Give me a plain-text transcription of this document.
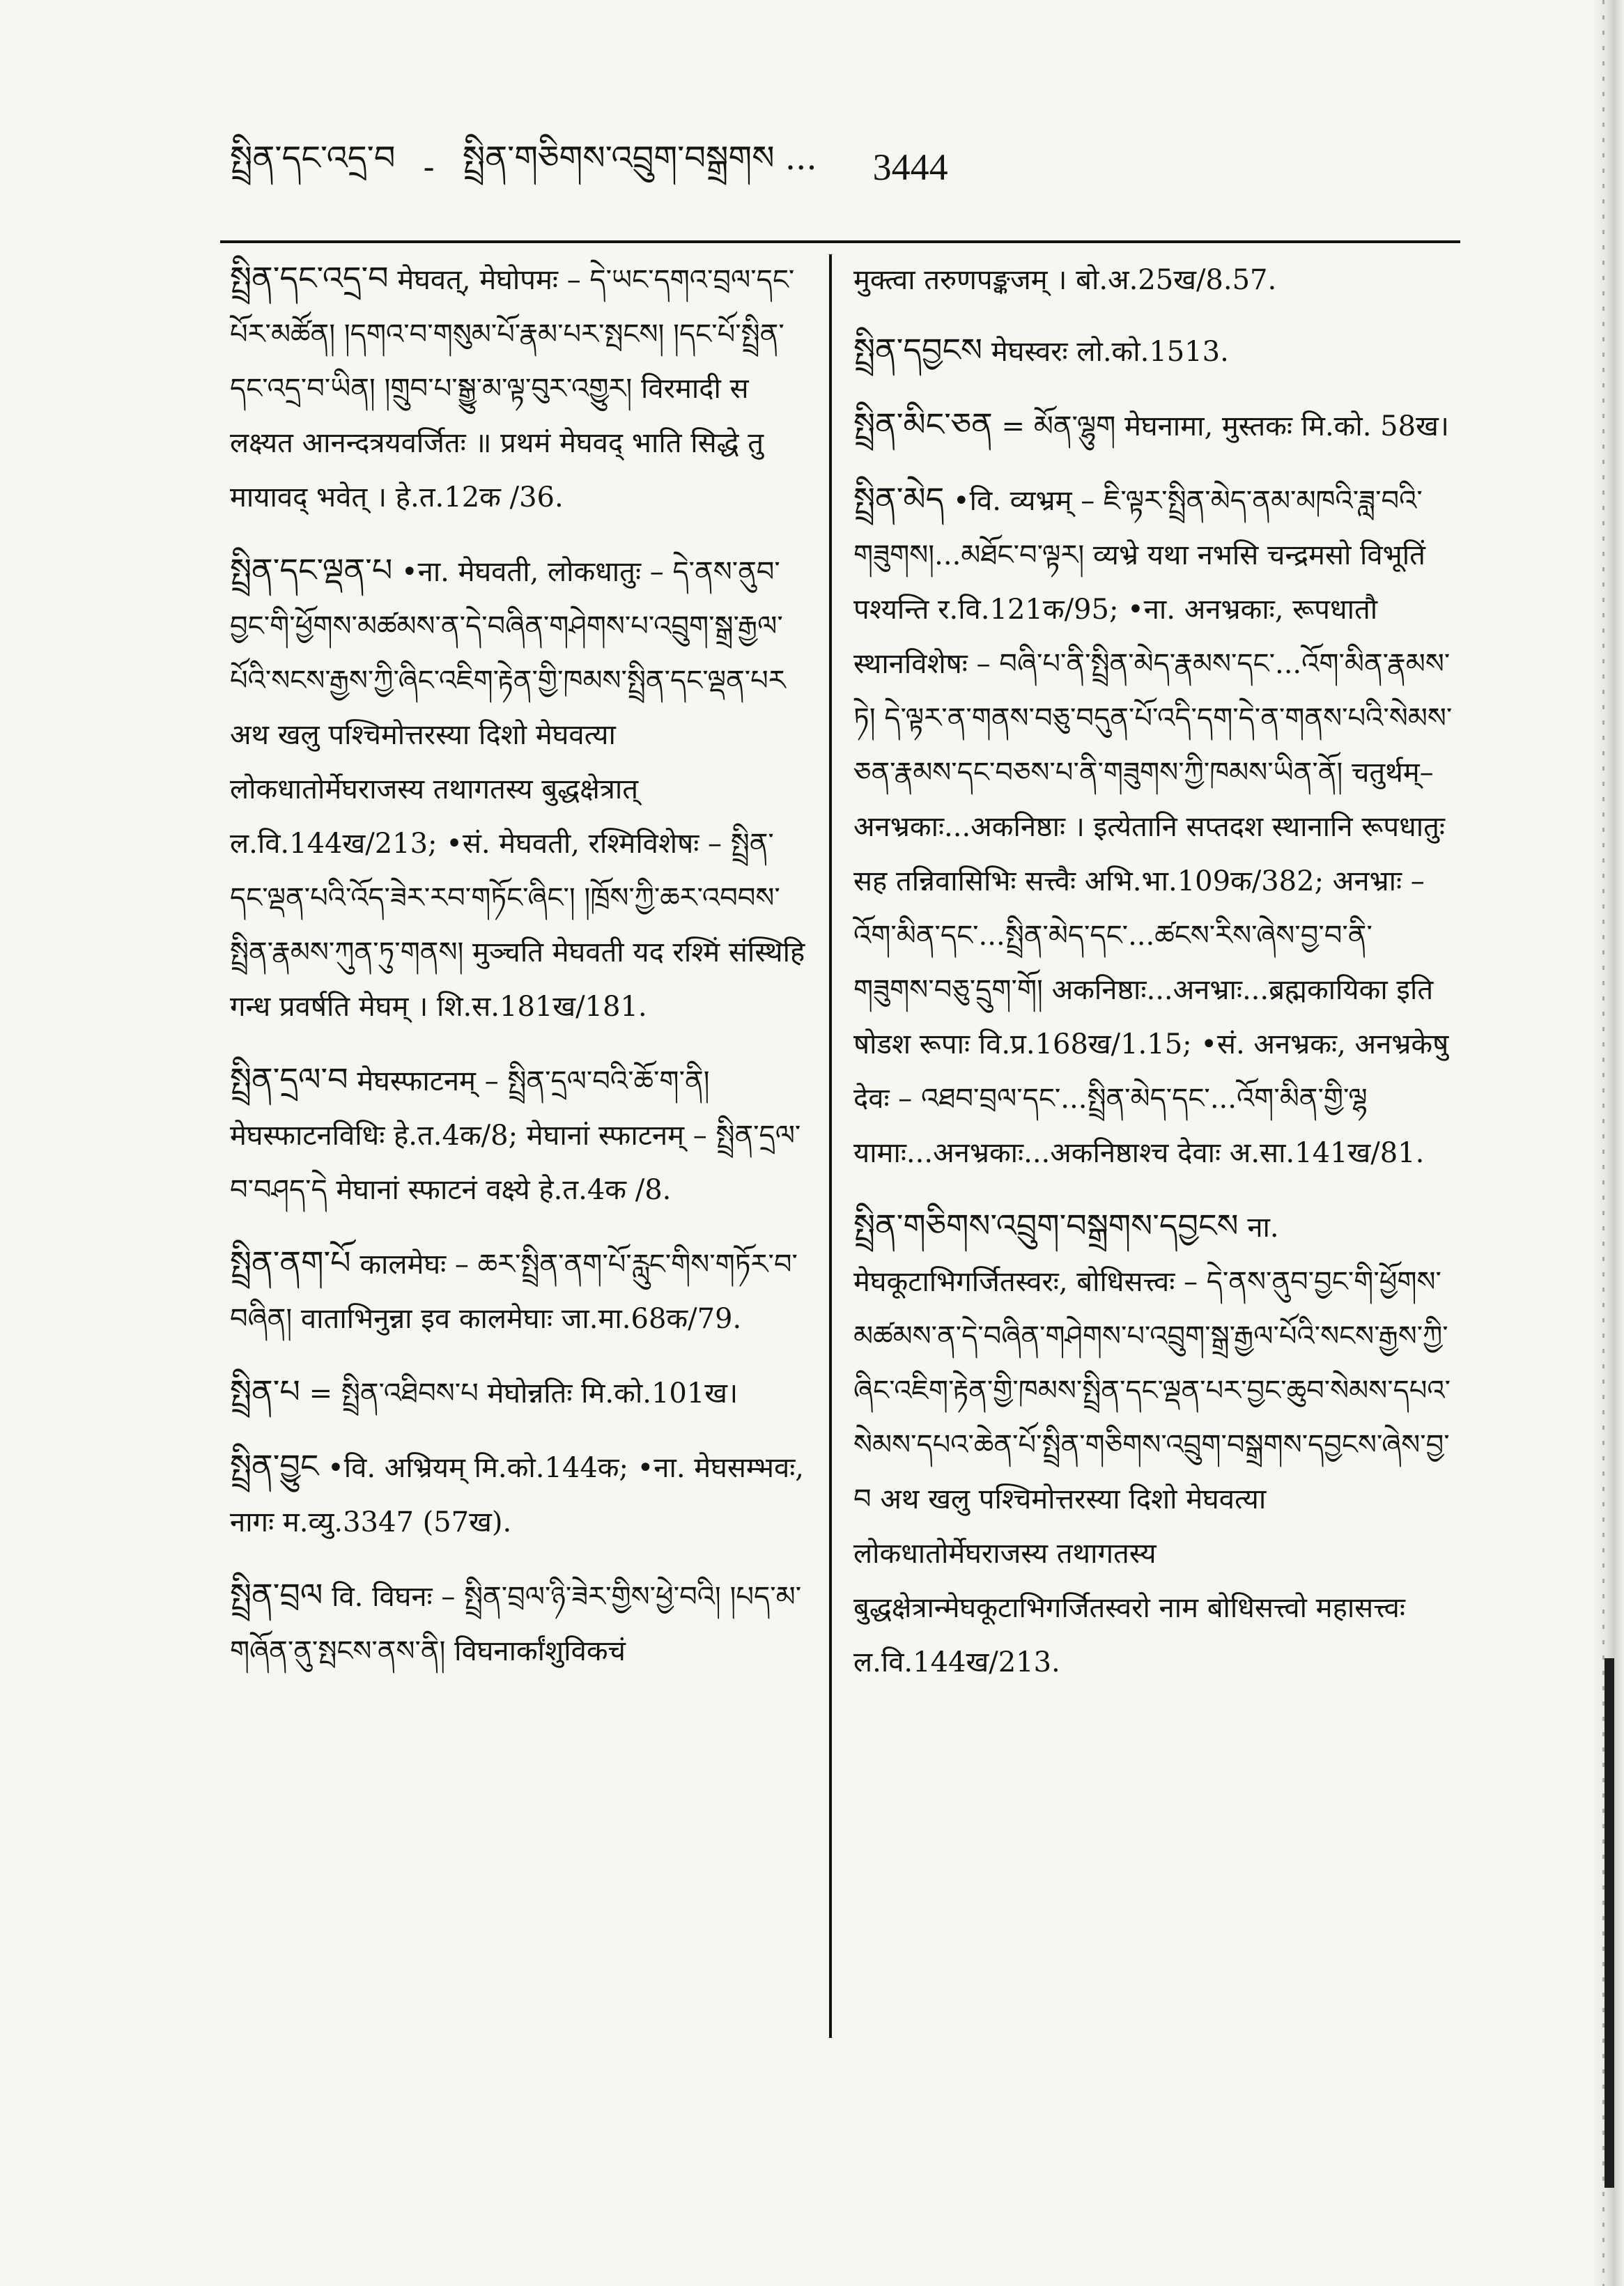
སྤྲིན་དང་འདྲ་བ - སྤྲིན་གཅིགས་འབྲུག་བསྒྲགས ... 3444

སྤྲིན་དང་འདྲ་བ मेघवत्, मेघोपमः – དེ་ཡང་དགའ་བྲལ་དང་པོར་མཚོན། །དགའ་བ་གསུམ་པོ་རྣམ་པར་སྤངས། །དང་པོ་སྤྲིན་དང་འདྲ་བ་ཡིན། །གྲུབ་པ་སྒྱུ་མ་ལྟ་བུར་འགྱུར། विरमादी स लक्ष्यत आनन्दत्रयवर्जितः ॥ प्रथमं मेघवद् भाति सिद्धे तु मायावद् भवेत् । हे.त.12क /36.

སྤྲིན་དང་ལྡན་པ •ना. मेघवती, लोकधातुः – དེ་ནས་ནུབ་བྱང་གི་ཕྱོགས་མཚམས་ན་དེ་བཞིན་གཤེགས་པ་འབྲུག་སྒྲ་རྒྱལ་པོའི་སངས་རྒྱས་ཀྱི་ཞིང་འཇིག་རྟེན་གྱི་ཁམས་སྤྲིན་དང་ལྡན་པར अथ खलु पश्चिमोत्तरस्या दिशो मेघवत्या लोकधातोर्मेघराजस्य तथागतस्य बुद्धक्षेत्रात् ल.वि.144ख/213; •सं. मेघवती, रश्मिविशेषः – སྤྲིན་དང་ལྡན་པའི་འོད་ཟེར་རབ་གཏོང་ཞིང་། །ཁྲོས་ཀྱི་ཆར་འབབས་སྤྲིན་རྣམས་ཀུན་ཏུ་གནས། मुञ्चति मेघवती यद रश्मिं संस्थिहि गन्ध प्रवर्षति मेघम् । शि.स.181ख/181.

སྤྲིན་དྲལ་བ मेघस्फाटनम् – སྤྲིན་དྲལ་བའི་ཆོ་ག་ནི། मेघस्फाटनविधिः हे.त.4क/8; मेघानां स्फाटनम् – སྤྲིན་དྲལ་བ་བཤད་དེ मेघानां स्फाटनं वक्ष्ये हे.त.4क /8.

སྤྲིན་ནག་པོ कालमेघः – ཆར་སྤྲིན་ནག་པོ་རླུང་གིས་གཏོར་བ་བཞིན། वाताभिनुन्ना इव कालमेघाः जा.मा.68क/79.

སྤྲིན་པ = སྤྲིན་འཐིབས་པ मेघोन्नतिः मि.को.101ख।

སྤྲིན་བྱུང •वि. अभ्रियम् मि.को.144क; •ना. मेघसम्भवः, नागः म.व्यु.3347 (57ख).

སྤྲིན་བྲལ वि. विघनः – སྤྲིན་བྲལ་ཉི་ཟེར་གྱིས་ཕྱེ་བའི། །པད་མ་གཞོན་ནུ་སྤངས་ནས་ནི། विघनार्कांशुविकचं

मुक्त्वा तरुणपङ्कजम् । बो.अ.25ख/8.57.

སྤྲིན་དབྱངས मेघस्वरः लो.को.1513.

སྤྲིན་མིང་ཅན = མོན་ལྷུག मेघनामा, मुस्तकः मि.को. 58ख।

སྤྲིན་མེད •वि. व्यभ्रम् – ཇི་ལྟར་སྤྲིན་མེད་ནམ་མཁའི་ཟླ་བའི་གཟུགས།...མཐོང་བ་ལྟར། व्यभ्रे यथा नभसि चन्द्रमसो विभूतिं पश्यन्ति र.वि.121क/95; •ना. अनभ्रकाः, रूपधातौ स्थानविशेषः – བཞི་པ་ནི་སྤྲིན་མེད་རྣམས་དང་...འོག་མིན་རྣམས་ཏེ། དེ་ལྟར་ན་གནས་བཅུ་བདུན་པོ་འདི་དག་དེ་ན་གནས་པའི་སེམས་ཅན་རྣམས་དང་བཅས་པ་ནི་གཟུགས་ཀྱི་ཁམས་ཡིན་ནོ། चतुर्थम्–अनभ्रकाः...अकनिष्ठाः । इत्येतानि सप्तदश स्थानानि रूपधातुः सह तन्निवासिभिः सत्त्वैः अभि.भा.109क/382; अनभ्राः – འོག་མིན་དང་...སྤྲིན་མེད་དང་...ཚངས་རིས་ཞེས་བྱ་བ་ནི་གཟུགས་བཅུ་དྲུག་གོ། अकनिष्ठाः...अनभ्राः...ब्रह्मकायिका इति षोडश रूपाः वि.प्र.168ख/1.15; •सं. अनभ्रकः, अनभ्रकेषु देवः – འཐབ་བྲལ་དང་...སྤྲིན་མེད་དང་...འོག་མིན་གྱི་ལྷ यामाः...अनभ्रकाः...अकनिष्ठाश्च देवाः अ.सा.141ख/81.

སྤྲིན་གཅིགས་འབྲུག་བསྒྲགས་དབྱངས ना. मेघकूटाभिगर्जितस्वरः, बोधिसत्त्वः – དེ་ནས་ནུབ་བྱང་གི་ཕྱོགས་མཚམས་ན་དེ་བཞིན་གཤེགས་པ་འབྲུག་སྒྲ་རྒྱལ་པོའི་སངས་རྒྱས་ཀྱི་ཞིང་འཇིག་རྟེན་གྱི་ཁམས་སྤྲིན་དང་ལྡན་པར་བྱང་ཆུབ་སེམས་དཔའ་སེམས་དཔའ་ཆེན་པོ་སྤྲིན་གཅིགས་འབྲུག་བསྒྲགས་དབྱངས་ཞེས་བྱ་བ अथ खलु पश्चिमोत्तरस्या दिशो मेघवत्या लोकधातोर्मेघराजस्य तथागतस्य बुद्धक्षेत्रान्मेघकूटाभिगर्जितस्वरो नाम बोधिसत्त्वो महासत्त्वः ल.वि.144ख/213.
